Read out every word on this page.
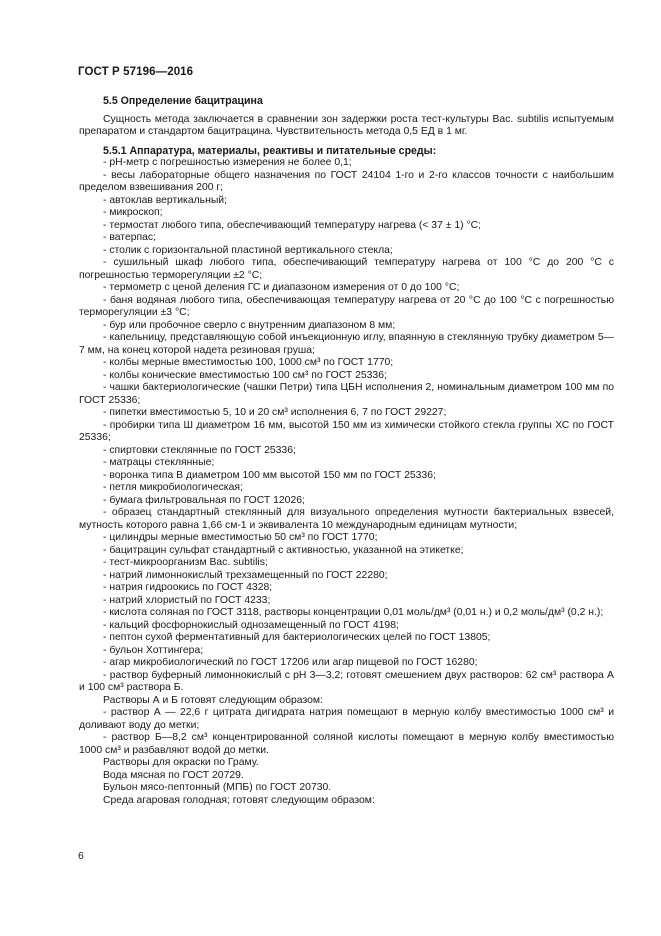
ГОСТ Р 57196—2016

5.5 Определение бацитрацина

Сущность метода заключается в сравнении зон задержки роста тест-культуры Bac. subtilis испытуемым препаратом и стандартом бацитрацина. Чувствительность метода 0,5 ЕД в 1 мг.

5.5.1 Аппаратура, материалы, реактивы и питательные среды:

- рН-метр с погрешностью измерения не более 0,1;

- весы лабораторные общего назначения по ГОСТ 24104 1-го и 2-го классов точности с наибольшим пределом взвешивания 200 г;

- автоклав вертикальный;

- микроскоп;

- термостат любого типа, обеспечивающий температуру нагрева (< 37 ± 1) °С;

- ватерпас;

- столик с горизонтальной пластиной вертикального стекла;

- сушильный шкаф любого типа, обеспечивающий температуру нагрева от 100 °С до 200 °С с погрешностью терморегуляции ±2 °С;

- термометр с ценой деления ГС и диапазоном измерения от 0 до 100 °С;

- баня водяная любого типа, обеспечивающая температуру нагрева от 20 °С до 100 °С с погрешностью терморегуляции ±3 °С;

- бур или пробочное сверло с внутренним диапазоном 8 мм;

- капельницу, представляющую собой инъекционную иглу, впаянную в стеклянную трубку диаметром 5—7 мм, на конец которой надета резиновая груша;

- колбы мерные вместимостью 100, 1000 см³ по ГОСТ 1770;

- колбы конические вместимостью 100 см³ по ГОСТ 25336;

- чашки бактериологические (чашки Петри) типа ЦБН исполнения 2, номинальным диаметром 100 мм по ГОСТ 25336;

- пипетки вместимостью 5, 10 и 20 см³ исполнения 6, 7 по ГОСТ 29227;

- пробирки типа Ш диаметром 16 мм, высотой 150 мм из химически стойкого стекла группы ХС по ГОСТ 25336;

- спиртовки стеклянные по ГОСТ 25336;

- матрацы стеклянные;

- воронка типа В диаметром 100 мм высотой 150 мм по ГОСТ 25336;

- петля микробиологическая;

- бумага фильтровальная по ГОСТ 12026;

- образец стандартный стеклянный для визуального определения мутности бактериальных взвесей, мутность которого равна 1,66 см-1 и эквивалента 10 международным единицам мутности;

- цилиндры мерные вместимостью 50 см³ по ГОСТ 1770;

- бацитрацин сульфат стандартный с активностью, указанной на этикетке;

- тест-микроорганизм Bac. subtilis;

- натрий лимоннокислый трехзамещенный по ГОСТ 22280;

- натрия гидроокись по ГОСТ 4328;

- натрий хлористый по ГОСТ 4233;

- кислота соляная по ГОСТ 3118, растворы концентрации 0,01 моль/дм³ (0,01 н.) и 0,2 моль/дм³ (0,2 н.);

- кальций фосфорнокислый однозамещенный по ГОСТ 4198;

- пептон сухой ферментативный для бактериологических целей по ГОСТ 13805;

- бульон Хоттингера;

- агар микробиологический по ГОСТ 17206 или агар пищевой по ГОСТ 16280;

- раствор буферный лимоннокислый с рН 3—3,2; готовят смешением двух растворов: 62 см³ раствора А и 100 см³ раствора Б.

Растворы А и Б готовят следующим образом:

- раствор А — 22,6 г цитрата дигидрата натрия помещают в мерную колбу вместимостью 1000 см³ и доливают воду до метки;

- раствор Б—8,2 см³ концентрированной соляной кислоты помещают в мерную колбу вместимостью 1000 см³ и разбавляют водой до метки.

Растворы для окраски по Граму.

Вода мясная по ГОСТ 20729.

Бульон мясо-пептонный (МПБ) по ГОСТ 20730.

Среда агаровая голодная; готовят следующим образом:

6
